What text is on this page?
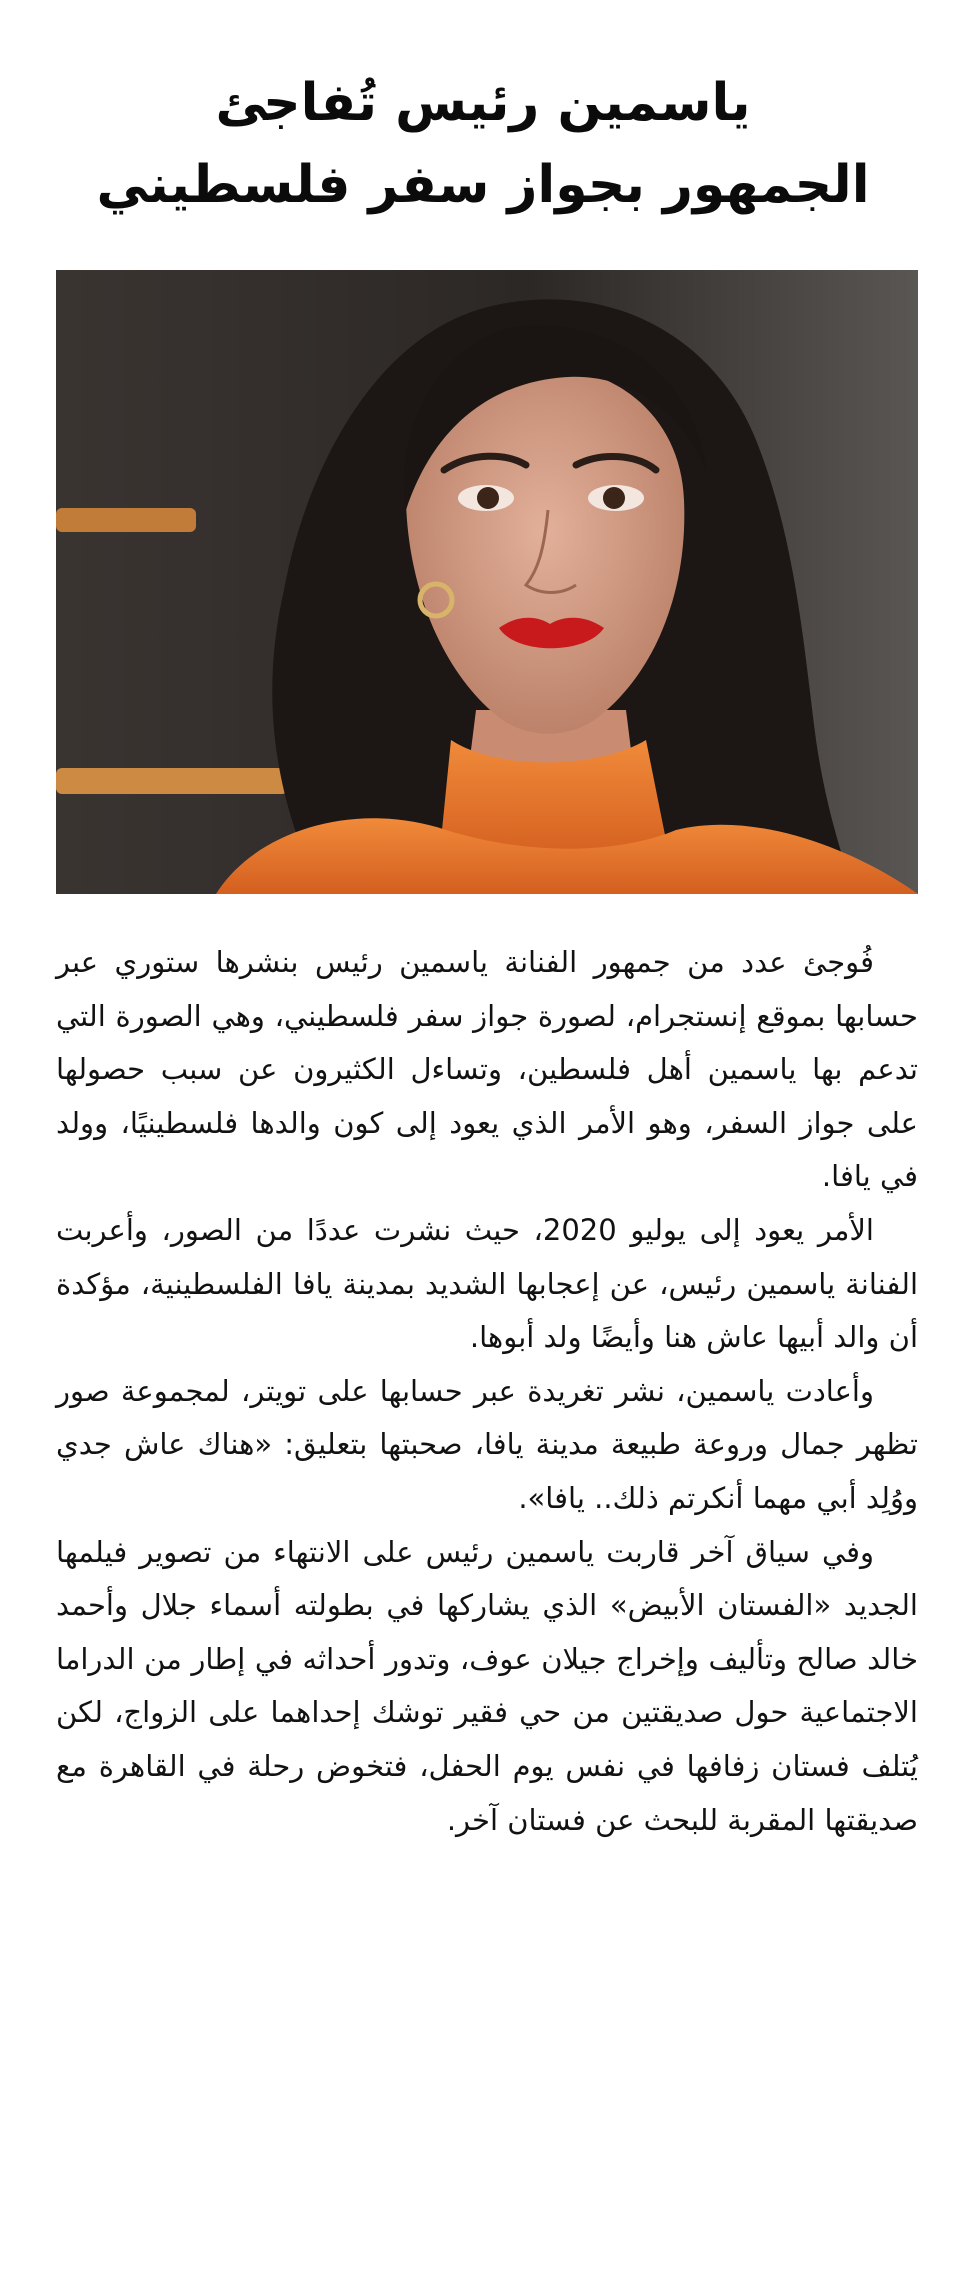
ياسمين رئيس تُفاجئ
الجمهور بجواز سفر فلسطيني

فُوجئ عدد من جمهور الفنانة ياسمين رئيس بنشرها ستوري عبر حسابها بموقع إنستجرام، لصورة جواز سفر فلسطيني، وهي الصورة التي تدعم بها ياسمين أهل فلسطين، وتساءل الكثيرون عن سبب حصولها على جواز السفر، وهو الأمر الذي يعود إلى كون والدها فلسطينيًا، وولد في يافا.

الأمر يعود إلى يوليو 2020، حيث نشرت عددًا من الصور، وأعربت الفنانة ياسمين رئيس، عن إعجابها الشديد بمدينة يافا الفلسطينية، مؤكدة أن والد أبيها عاش هنا وأيضًا ولد أبوها.

وأعادت ياسمين، نشر تغريدة عبر حسابها على تويتر، لمجموعة صور تظهر جمال وروعة طبيعة مدينة يافا، صحبتها بتعليق: «هناك عاش جدي ووُلِد أبي مهما أنكرتم ذلك.. يافا».

وفي سياق آخر قاربت ياسمين رئيس على الانتهاء من تصوير فيلمها الجديد «الفستان الأبيض» الذي يشاركها في بطولته أسماء جلال وأحمد خالد صالح وتأليف وإخراج جيلان عوف، وتدور أحداثه في إطار من الدراما الاجتماعية حول صديقتين من حي فقير توشك إحداهما على الزواج، لكن يُتلف فستان زفافها في نفس يوم الحفل، فتخوض رحلة في القاهرة مع صديقتها المقربة للبحث عن فستان آخر.
